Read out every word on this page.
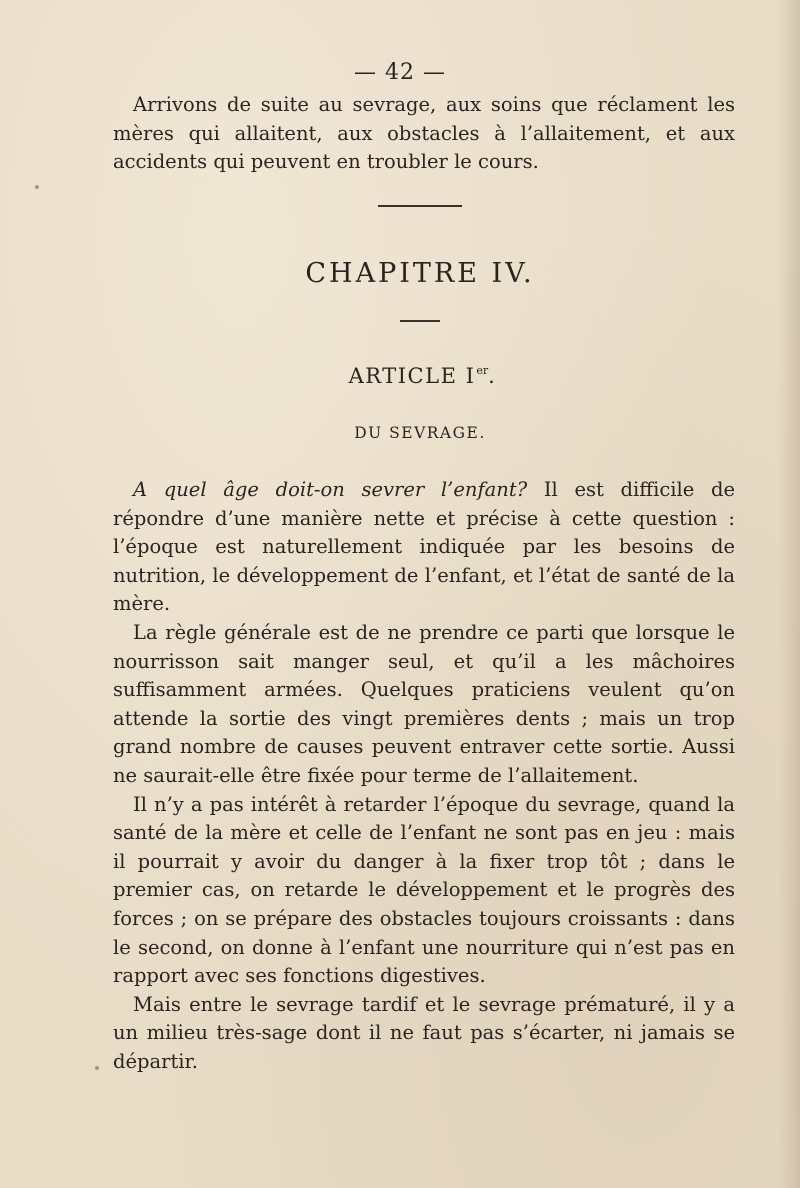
— 42 —

Arrivons de suite au sevrage, aux soins que réclament les mères qui allaitent, aux obstacles à l’allaitement, et aux accidents qui peuvent en troubler le cours.

CHAPITRE IV.
ARTICLE Ier.
DU SEVRAGE.

A quel âge doit-on sevrer l’enfant? Il est difficile de répondre d’une manière nette et précise à cette question : l’époque est naturellement indiquée par les besoins de nutrition, le développement de l’enfant, et l’état de santé de la mère.

La règle générale est de ne prendre ce parti que lorsque le nourrisson sait manger seul, et qu’il a les mâchoires suffisamment armées. Quelques praticiens veulent qu’on attende la sortie des vingt premières dents ; mais un trop grand nombre de causes peuvent entraver cette sortie. Aussi ne saurait-elle être fixée pour terme de l’allaitement.

Il n’y a pas intérêt à retarder l’époque du sevrage, quand la santé de la mère et celle de l’enfant ne sont pas en jeu : mais il pourrait y avoir du danger à la fixer trop tôt ; dans le premier cas, on retarde le développement et le progrès des forces ; on se prépare des obstacles toujours croissants : dans le second, on donne à l’enfant une nourriture qui n’est pas en rapport avec ses fonctions digestives.

Mais entre le sevrage tardif et le sevrage prématuré, il y a un milieu très-sage dont il ne faut pas s’écarter, ni jamais se départir.
